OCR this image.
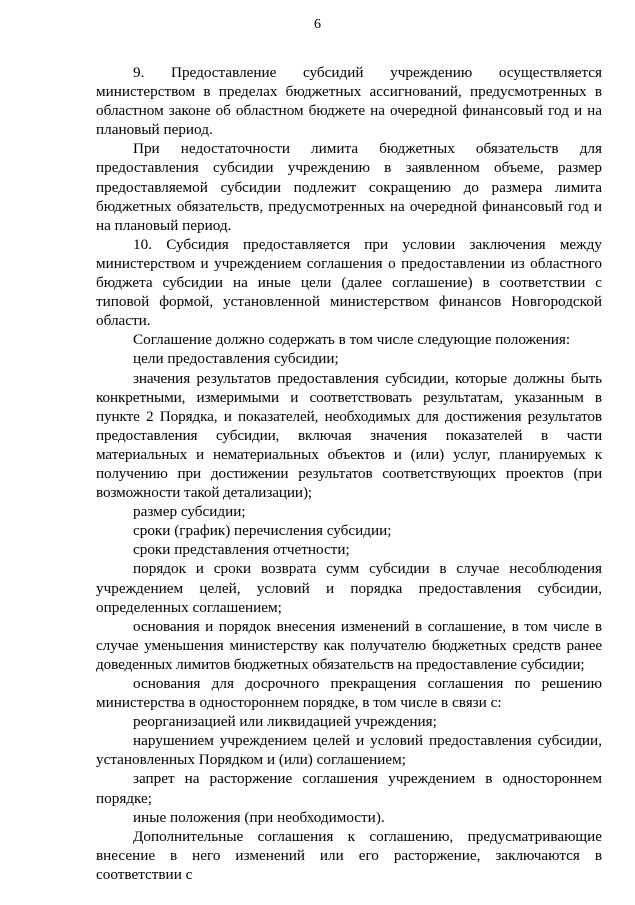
6

9. Предоставление субсидий учреждению осуществляется министерством в пределах бюджетных ассигнований, предусмотренных в областном законе об областном бюджете на очередной финансовый год и на плановый период.

При недостаточности лимита бюджетных обязательств для предоставления субсидии учреждению в заявленном объеме, размер предоставляемой субсидии подлежит сокращению до размера лимита бюджетных обязательств, предусмотренных на очередной финансовый год и на плановый период.

10. Субсидия предоставляется при условии заключения между министерством и учреждением соглашения о предоставлении из областного бюджета субсидии на иные цели (далее соглашение) в соответствии с типовой формой, установленной министерством финансов Новгородской области.

Соглашение должно содержать в том числе следующие положения:

цели предоставления субсидии;

значения результатов предоставления субсидии, которые должны быть конкретными, измеримыми и соответствовать результатам, указанным в пункте 2 Порядка, и показателей, необходимых для достижения результатов предоставления субсидии, включая значения показателей в части материальных и нематериальных объектов и (или) услуг, планируемых к получению при достижении результатов соответствующих проектов (при возможности такой детализации);

размер субсидии;

сроки (график) перечисления субсидии;

сроки представления отчетности;

порядок и сроки возврата сумм субсидии в случае несоблюдения учреждением целей, условий и порядка предоставления субсидии, определенных соглашением;

основания и порядок внесения изменений в соглашение, в том числе в случае уменьшения министерству как получателю бюджетных средств ранее доведенных лимитов бюджетных обязательств на предоставление субсидии;

основания для досрочного прекращения соглашения по решению министерства в одностороннем порядке, в том числе в связи с:

реорганизацией или ликвидацией учреждения;

нарушением учреждением целей и условий предоставления субсидии, установленных Порядком и (или) соглашением;

запрет на расторжение соглашения учреждением в одностороннем порядке;

иные положения (при необходимости).

Дополнительные соглашения к соглашению, предусматривающие внесение в него изменений или его расторжение, заключаются в соответствии с
